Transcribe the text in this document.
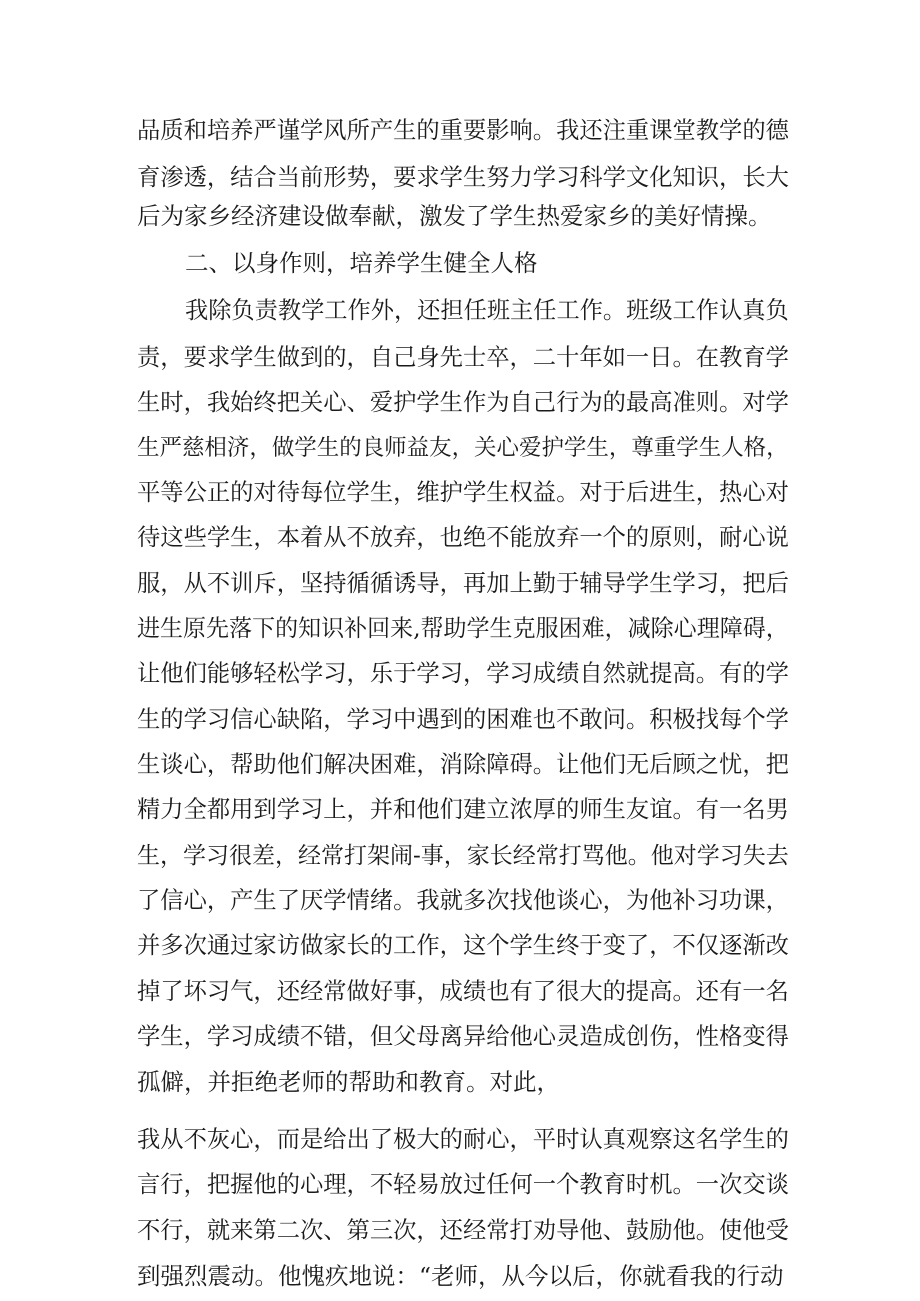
品质和培养严谨学风所产生的重要影响。我还注重课堂教学的德
育渗透，结合当前形势，要求学生努力学习科学文化知识，长大
后为家乡经济建设做奉献，激发了学生热爱家乡的美好情操。
二、以身作则，培养学生健全人格
我除负责教学工作外，还担任班主任工作。班级工作认真负
责，要求学生做到的，自己身先士卒，二十年如一日。在教育学
生时，我始终把关心、爱护学生作为自己行为的最高准则。对学
生严慈相济，做学生的良师益友，关心爱护学生，尊重学生人格，
平等公正的对待每位学生，维护学生权益。对于后进生，热心对
待这些学生，本着从不放弃，也绝不能放弃一个的原则，耐心说
服，从不训斥，坚持循循诱导，再加上勤于辅导学生学习，把后
进生原先落下的知识补回来,帮助学生克服困难，减除心理障碍，
让他们能够轻松学习，乐于学习，学习成绩自然就提高。有的学
生的学习信心缺陷，学习中遇到的困难也不敢问。积极找每个学
生谈心，帮助他们解决困难，消除障碍。让他们无后顾之忧，把
精力全都用到学习上，并和他们建立浓厚的师生友谊。有一名男
生，学习很差，经常打架闹-事，家长经常打骂他。他对学习失去
了信心，产生了厌学情绪。我就多次找他谈心，为他补习功课，
并多次通过家访做家长的工作，这个学生终于变了，不仅逐渐改
掉了坏习气，还经常做好事，成绩也有了很大的提高。还有一名
学生，学习成绩不错，但父母离异给他心灵造成创伤，性格变得
孤僻，并拒绝老师的帮助和教育。对此，
我从不灰心，而是给出了极大的耐心，平时认真观察这名学生的
言行，把握他的心理，不轻易放过任何一个教育时机。一次交谈
不行，就来第二次、第三次，还经常打劝导他、鼓励他。使他受
到强烈震动。他愧疚地说：“老师，从今以后，你就看我的行动
